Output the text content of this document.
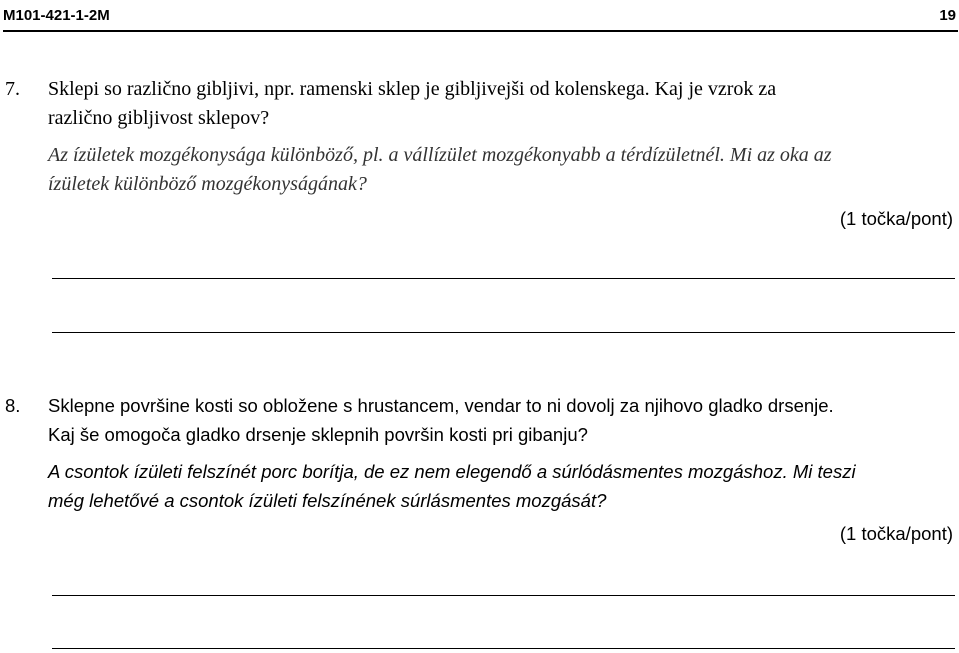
M101-421-1-2M	19
7. Sklepi so različno gibljivi, npr. ramenski sklep je gibljivejši od kolenskega. Kaj je vzrok za
različno gibljivost sklepov?
Az ízületek mozgékonysága különböző, pl. a vállízület mozgékonyabb a térdízületnél. Mi az oka az
ízületek különböző mozgékonyságának?
(1 točka/pont)
8. Sklepne površine kosti so obložene s hrustancem, vendar to ni dovolj za njihovo gladko drsenje.
Kaj še omogoča gladko drsenje sklepnih površin kosti pri gibanju?
A csontok ízületi felszínét porc borítja, de ez nem elegendő a súrlódásmentes mozgáshoz. Mi teszi
még lehetővé a csontok ízületi felszínének súrlásmentes mozgását?
(1 točka/pont)
